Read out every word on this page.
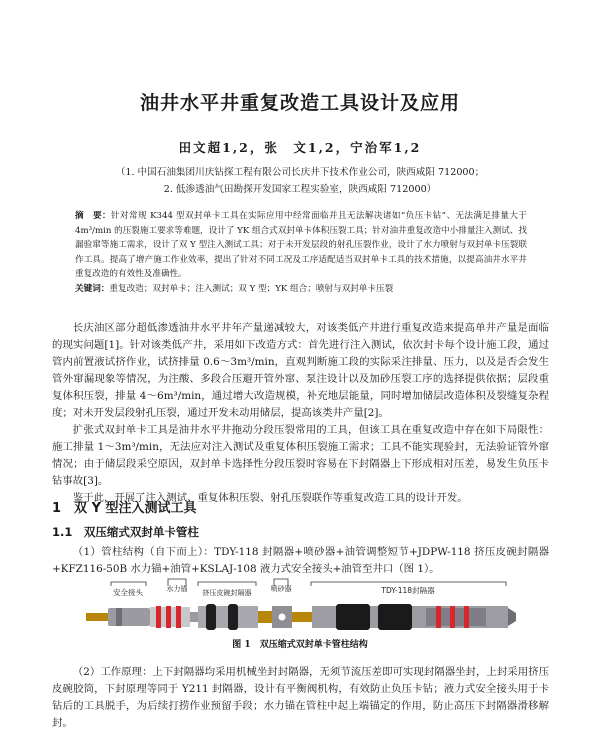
油井水平井重复改造工具设计及应用
田文超1,2，张　文1,2，宁治军1,2
（1. 中国石油集团川庆钻探工程有限公司长庆井下技术作业公司，陕西咸阳 712000；
2. 低渗透油气田勘探开发国家工程实验室，陕西咸阳 712000）
摘　要：针对常规 K344 型双封单卡工具在实际应用中经常面临并且无法解决诸如“负压卡钻”、无法满足排量大于 4m³/min 的压裂施工要求等难题，设计了 YK 组合式双封单卡体积压裂工具；针对油井重复改造中小排量注入测试、找漏验窜等施工需求，设计了双 Y 型注入测试工具；对于未开发层段的射孔压裂作业，设计了水力喷射与双封单卡压裂联作工具。提高了增产施工作业效率，提出了针对不同工况及工序适配适当双封单卡工具的技术措施，以提高油井水平井重复改造的有效性及准确性。
关键词：重复改造；双封单卡；注入测试；双 Y 型；YK 组合；喷射与双封单卡压裂

长庆油区部分超低渗透油井水平井年产量递减较大，对该类低产井进行重复改造来提高单井产量是面临的现实问题[1]。针对该类低产井，采用如下改造方式：首先进行注入测试，依次封卡每个设计施工段，通过管内前置液试挤作业，试挤排量 0.6～3m³/min，直观判断施工段的实际采注排量、压力，以及是否会发生管外窜漏现象等情况，为注酸、多段合压避开管外窜、泵注设计以及加砂压裂工序的选择提供依据；层段重复体积压裂，排量 4～6m³/min，通过增大改造规模，补充地层能量，同时增加储层改造体积及裂缝复杂程度；对未开发层段射孔压裂，通过开发未动用储层，提高该类井产量[2]。

扩张式双封单卡工具是油井水平井拖动分段压裂常用的工具，但该工具在重复改造中存在如下局限性：施工排量 1～3m³/min，无法应对注入测试及重复体积压裂施工需求；工具不能实现验封，无法验证管外窜情况；由于储层段采空原因，双封单卡选择性分段压裂时容易在下封隔器上下形成相对压差，易发生负压卡钻事故[3]。

鉴于此，开展了注入测试、重复体积压裂、射孔压裂联作等重复改造工具的设计开发。

1　双 Y 型注入测试工具
1.1　双压缩式双封单卡管柱

（1）管柱结构（自下而上）：TDY-118 封隔器+喷砂器+油管调整短节+JDPW-118 挤压皮碗封隔器+KFZ116-50B 水力锚+油管+KSLAJ-108 液力式安全接头+油管至井口（图 1）。

安全接头	水力锚 挤压皮碗封隔器	喷砂器	TDY-118封隔器
图 1　双压缩式双封单卡管柱结构

（2）工作原理：上下封隔器均采用机械坐封封隔器，无须节流压差即可实现封隔器坐封，上封采用挤压皮碗胶筒，下封原理等同于 Y211 封隔器，设计有平衡阀机构，有效防止负压卡钻；液力式安全接头用于卡钻后的工具脱手，为后续打捞作业预留手段；水力锚在管柱中起上端锚定的作用，防止高压下封隔器滑移解封。
